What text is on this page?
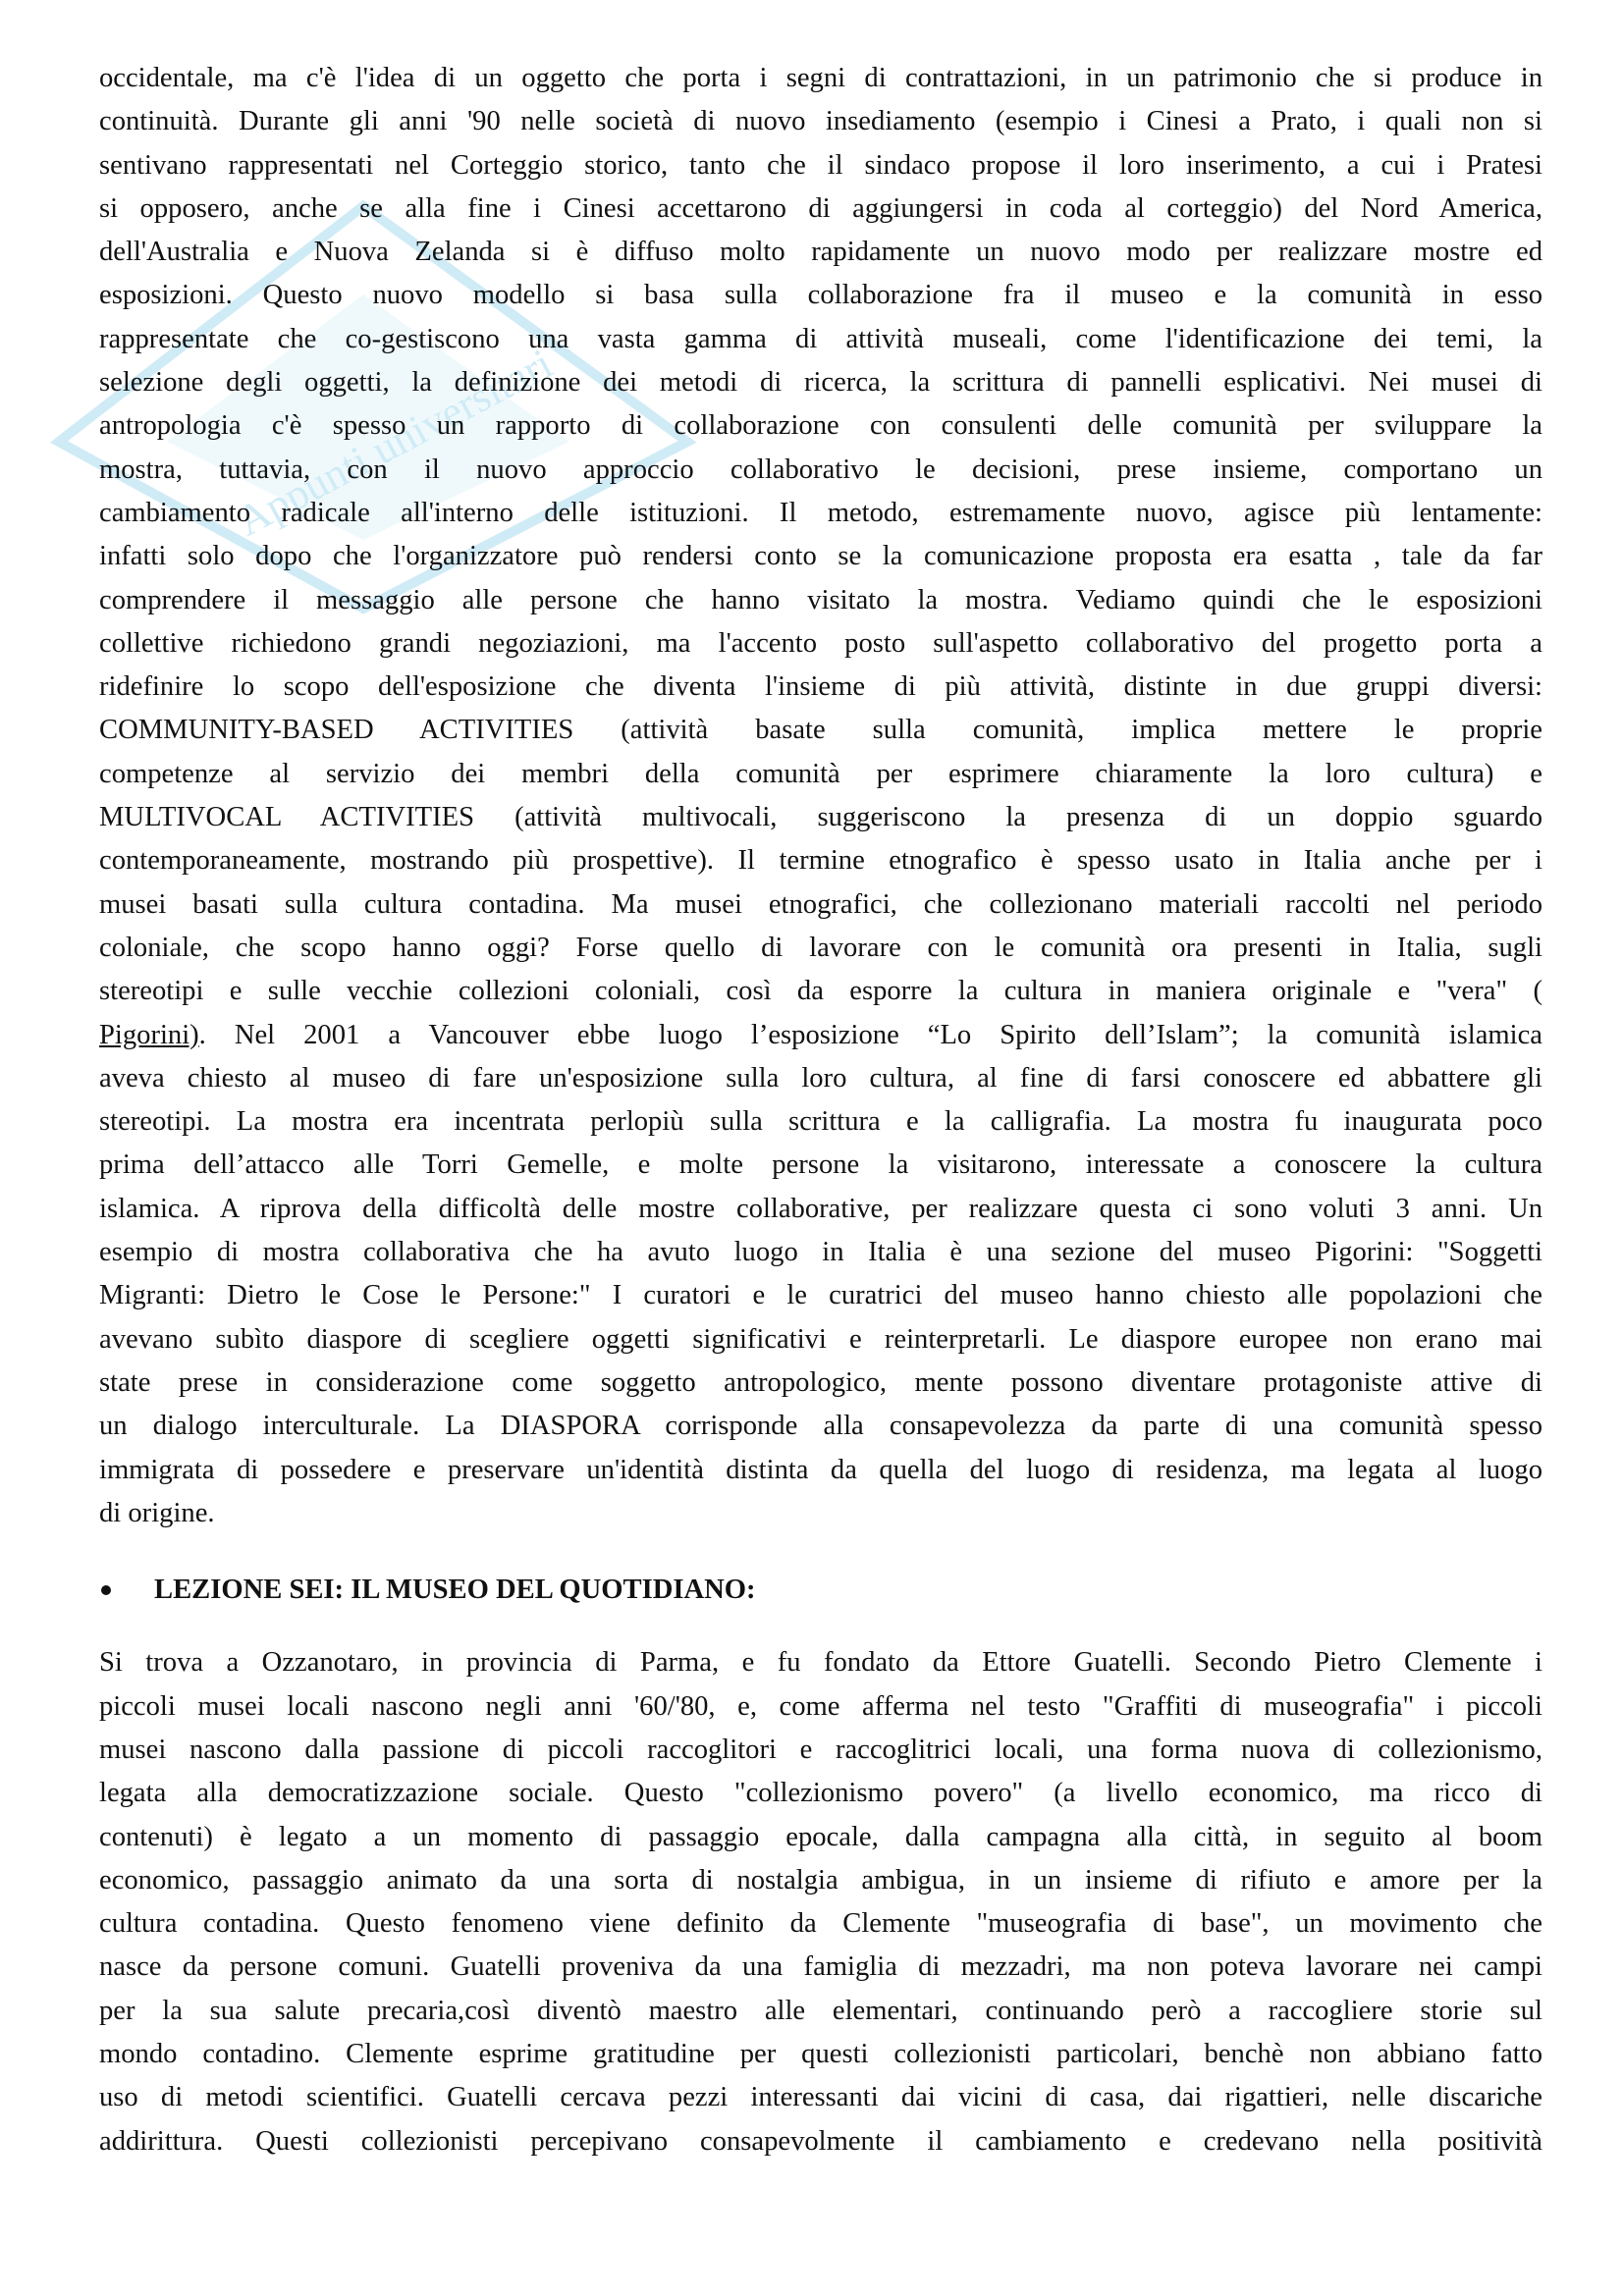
Appunti universitari

occidentale, ma c'è l'idea di un oggetto che porta i segni di contrattazioni, in un patrimonio che si produce in
continuità. Durante gli anni '90 nelle società di nuovo insediamento (esempio i Cinesi a Prato, i quali non si
sentivano rappresentati nel Corteggio storico, tanto che il sindaco propose il loro inserimento, a cui i Pratesi
si opposero, anche se alla fine i Cinesi accettarono di aggiungersi in coda al corteggio) del Nord America,
dell'Australia e Nuova Zelanda si è diffuso molto rapidamente un nuovo modo per realizzare mostre ed
esposizioni. Questo nuovo modello si basa sulla collaborazione fra il museo e la comunità in esso
rappresentate che co-gestiscono una vasta gamma di attività museali, come l'identificazione dei temi, la
selezione degli oggetti, la definizione dei metodi di ricerca, la scrittura di pannelli esplicativi. Nei musei di
antropologia c'è spesso un rapporto di collaborazione con consulenti delle comunità per sviluppare la
mostra, tuttavia, con il nuovo approccio collaborativo le decisioni, prese insieme, comportano un
cambiamento radicale all'interno delle istituzioni. Il metodo, estremamente nuovo, agisce più lentamente:
infatti solo dopo che l'organizzatore può rendersi conto se la comunicazione proposta era esatta , tale da far
comprendere il messaggio alle persone che hanno visitato la mostra. Vediamo quindi che le esposizioni
collettive richiedono grandi negoziazioni, ma l'accento posto sull'aspetto collaborativo del progetto porta a
ridefinire lo scopo dell'esposizione che diventa l'insieme di più attività, distinte in due gruppi diversi:
COMMUNITY-BASED ACTIVITIES (attività basate sulla comunità, implica mettere le proprie
competenze al servizio dei membri della comunità per esprimere chiaramente la loro cultura) e
MULTIVOCAL ACTIVITIES (attività multivocali, suggeriscono la presenza di un doppio sguardo
contemporaneamente, mostrando più prospettive). Il termine etnografico è spesso usato in Italia anche per i
musei basati sulla cultura contadina. Ma musei etnografici, che collezionano materiali raccolti nel periodo
coloniale, che scopo hanno oggi? Forse quello di lavorare con le comunità ora presenti in Italia, sugli
stereotipi e sulle vecchie collezioni coloniali, così da esporre la cultura in maniera originale e "vera" (
Pigorini). Nel 2001 a Vancouver ebbe luogo l’esposizione “Lo Spirito dell’Islam”; la comunità islamica
aveva chiesto al museo di fare un'esposizione sulla loro cultura, al fine di farsi conoscere ed abbattere gli
stereotipi. La mostra era incentrata perlopiù sulla scrittura e la calligrafia. La mostra fu inaugurata poco
prima dell’attacco alle Torri Gemelle, e molte persone la visitarono, interessate a conoscere la cultura
islamica. A riprova della difficoltà delle mostre collaborative, per realizzare questa ci sono voluti 3 anni. Un
esempio di mostra collaborativa che ha avuto luogo in Italia è una sezione del museo Pigorini: "Soggetti
Migranti: Dietro le Cose le Persone:" I curatori e le curatrici del museo hanno chiesto alle popolazioni che
avevano subìto diaspore di scegliere oggetti significativi e reinterpretarli. Le diaspore europee non erano mai
state prese in considerazione come soggetto antropologico, mente possono diventare protagoniste attive di
un dialogo interculturale. La DIASPORA corrisponde alla consapevolezza da parte di una comunità spesso
immigrata di possedere e preservare un'identità distinta da quella del luogo di residenza, ma legata al luogo
di origine.

LEZIONE SEI: IL MUSEO DEL QUOTIDIANO:

Si trova a Ozzanotaro, in provincia di Parma, e fu fondato da Ettore Guatelli. Secondo Pietro Clemente i
piccoli musei locali nascono negli anni '60/'80, e, come afferma nel testo "Graffiti di museografia" i piccoli
musei nascono dalla passione di piccoli raccoglitori e raccoglitrici locali, una forma nuova di collezionismo,
legata alla democratizzazione sociale. Questo "collezionismo povero" (a livello economico, ma ricco di
contenuti) è legato a un momento di passaggio epocale, dalla campagna alla città, in seguito al boom
economico, passaggio animato da una sorta di nostalgia ambigua, in un insieme di rifiuto e amore per la
cultura contadina. Questo fenomeno viene definito da Clemente "museografia di base", un movimento che
nasce da persone comuni. Guatelli proveniva da una famiglia di mezzadri, ma non poteva lavorare nei campi
per la sua salute precaria,così diventò maestro alle elementari, continuando però a raccogliere storie sul
mondo contadino. Clemente esprime gratitudine per questi collezionisti particolari, benchè non abbiano fatto
uso di metodi scientifici. Guatelli cercava pezzi interessanti dai vicini di casa, dai rigattieri, nelle discariche
addirittura. Questi collezionisti percepivano consapevolmente il cambiamento e credevano nella positività
